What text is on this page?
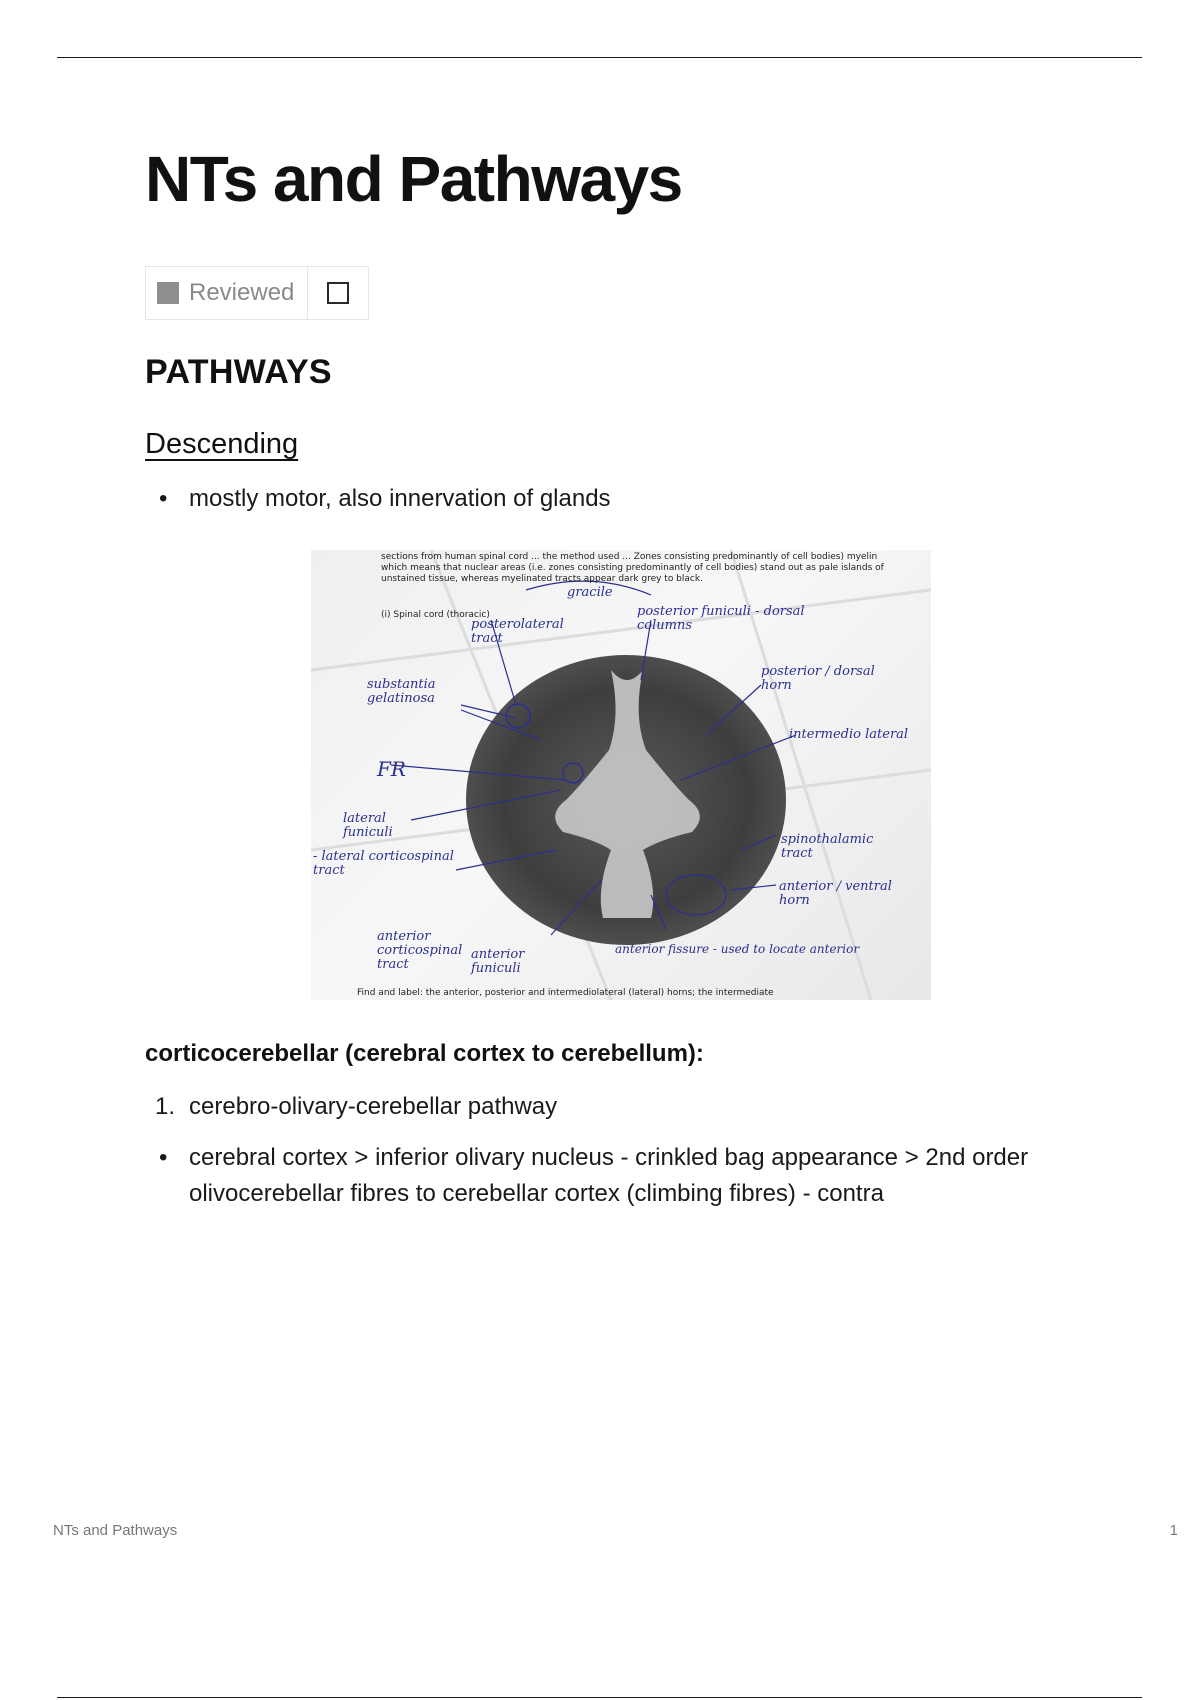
NTs and Pathways
Reviewed
PATHWAYS
Descending
• mostly motor, also innervation of glands
sections from human spinal cord ... the method used ... Zones consisting predominantly of cell bodies) myelin which means that nuclear areas (i.e. zones consisting predominantly of cell bodies) stand out as pale islands of unstained tissue, whereas myelinated tracts appear dark grey to black.
(i) Spinal cord (thoracic)
Find and label: the anterior, posterior and intermediolateral (lateral) horns; the intermediate
gracile
posterior funiculi - dorsal columns
posterolateral tract
substantia gelatinosa
posterior / dorsal horn
intermedio lateral
FR
lateral funiculi
- lateral corticospinal tract
spinothalamic tract
anterior / ventral horn
anterior corticospinal tract
anterior funiculi
anterior fissure - used to locate anterior

corticocerebellar (cerebral cortex to cerebellum):

1. cerebro-olivary-cerebellar pathway
• cerebral cortex > inferior olivary nucleus - crinkled bag appearance > 2nd order olivocerebellar fibres to cerebellar cortex (climbing fibres) - contra
NTs and Pathways	1
